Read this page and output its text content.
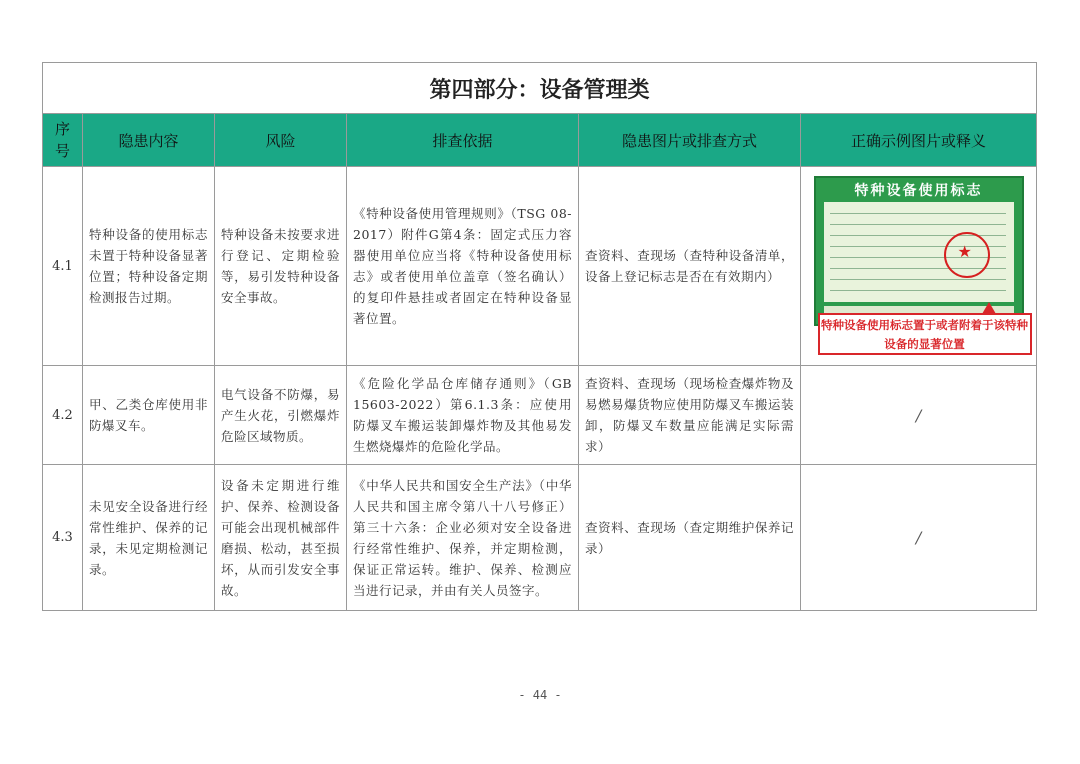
第四部分：设备管理类					
序号	隐患内容	风险	排查依据	隐患图片或排查方式	正确示例图片或释义
4.1	特种设备的使用标志未置于特种设备显著位置；特种设备定期检测报告过期。	特种设备未按要求进行登记、定期检验等，易引发特种设备安全事故。	《特种设备使用管理规则》（TSG 08-2017）附件G第4条：固定式压力容器使用单位应当将《特种设备使用标志》或者使用单位盖章（签名确认）的复印件悬挂或者固定在特种设备显著位置。	查资料、查现场（查特种设备清单，设备上登记标志是否在有效期内）	特种设备使用标志
★
特种设备使用标志置于或者附着于该特种设备的显著位置

4.2	甲、乙类仓库使用非防爆叉车。	电气设备不防爆，易产生火花，引燃爆炸危险区域物质。	《危险化学品仓库储存通则》（GB 15603-2022）第6.1.3条：应使用防爆叉车搬运装卸爆炸物及其他易发生燃烧爆炸的危险化学品。	查资料、查现场（现场检查爆炸物及易燃易爆货物应使用防爆叉车搬运装卸，防爆叉车数量应能满足实际需求）	/
4.3	未见安全设备进行经常性维护、保养的记录，未见定期检测记录。	设备未定期进行维护、保养、检测设备可能会出现机械部件磨损、松动，甚至损坏，从而引发安全事故。	《中华人民共和国安全生产法》（中华人民共和国主席令第八十八号修正）第三十六条：企业必须对安全设备进行经常性维护、保养，并定期检测，保证正常运转。维护、保养、检测应当进行记录，并由有关人员签字。	查资料、查现场（查定期维护保养记录）	/
- 44 -
